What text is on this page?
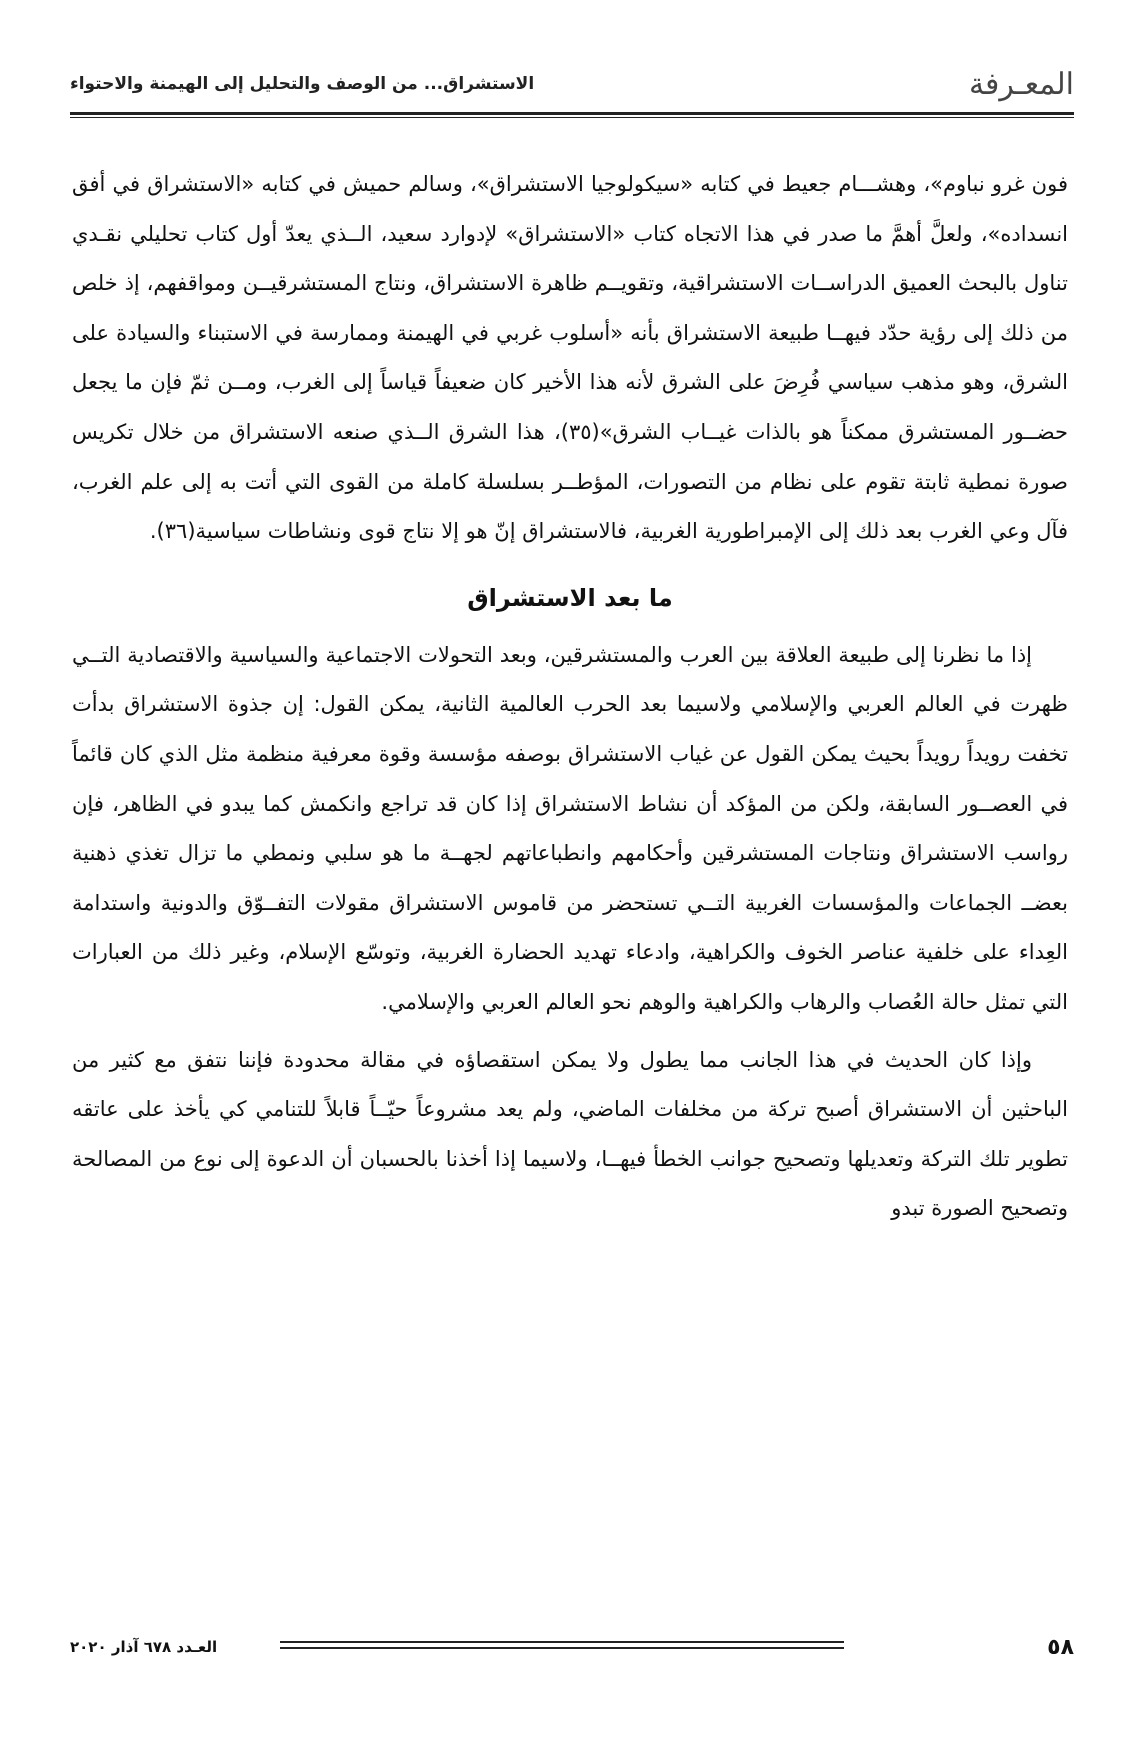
المعـرفة
الاستشراق... من الوصف والتحليل إلى الهيمنة والاحتواء

فون غرو نباوم»، وهشـــام جعيط في كتابه «سيكولوجيا الاستشراق»، وسالم حميش في كتابه «الاستشراق في أفق انسداده»، ولعلَّ أهمَّ ما صدر في هذا الاتجاه كتاب «الاستشراق» لإدوارد سعيد، الــذي يعدّ أول كتاب تحليلي نقـدي تناول بالبحث العميق الدراســات الاستشراقية، وتقويــم ظاهرة الاستشراق، ونتاج المستشرقيــن ومواقفهم، إذ خلص من ذلك إلى رؤية حدّد فيهــا طبيعة الاستشراق بأنه «أسلوب غربي في الهيمنة وممارسة في الاستبناء والسيادة على الشرق، وهو مذهب سياسي فُرِضَ على الشرق لأنه هذا الأخير كان ضعيفاً قياساً إلى الغرب، ومــن ثمّ فإن ما يجعل حضــور المستشرق ممكناً هو بالذات غيــاب الشرق»(٣٥)، هذا الشرق الــذي صنعه الاستشراق من خلال تكريس صورة نمطية ثابتة تقوم على نظام من التصورات، المؤطــر بسلسلة كاملة من القوى التي أتت به إلى علم الغرب، فآل وعي الغرب بعد ذلك إلى الإمبراطورية الغربية، فالاستشراق إنّ هو إلا نتاج قوى ونشاطات سياسية(٣٦).

ما بعد الاستشراق

إذا ما نظرنا إلى طبيعة العلاقة بين العرب والمستشرقين، وبعد التحولات الاجتماعية والسياسية والاقتصادية التــي ظهرت في العالم العربي والإسلامي ولاسيما بعد الحرب العالمية الثانية، يمكن القول: إن جذوة الاستشراق بدأت تخفت رويداً رويداً بحيث يمكن القول عن غياب الاستشراق بوصفه مؤسسة وقوة معرفية منظمة مثل الذي كان قائماً في العصــور السابقة، ولكن من المؤكد أن نشاط الاستشراق إذا كان قد تراجع وانكمش كما يبدو في الظاهر، فإن رواسب الاستشراق ونتاجات المستشرقين وأحكامهم وانطباعاتهم لجهــة ما هو سلبي ونمطي ما تزال تغذي ذهنية بعضــ الجماعات والمؤسسات الغربية التــي تستحضر من قاموس الاستشراق مقولات التفــوّق والدونية واستدامة العِداء على خلفية عناصر الخوف والكراهية، وادعاء تهديد الحضارة الغربية، وتوسّع الإسلام، وغير ذلك من العبارات التي تمثل حالة العُصاب والرهاب والكراهية والوهم نحو العالم العربي والإسلامي.

وإذا كان الحديث في هذا الجانب مما يطول ولا يمكن استقصاؤه في مقالة محدودة فإننا نتفق مع كثير من الباحثين أن الاستشراق أصبح تركة من مخلفات الماضي، ولم يعد مشروعاً حيّــاً قابلاً للتنامي كي يأخذ على عاتقه تطوير تلك التركة وتعديلها وتصحيح جوانب الخطأ فيهــا، ولاسيما إذا أخذنا بالحسبان أن الدعوة إلى نوع من المصالحة وتصحيح الصورة تبدو

٥٨
العـدد ٦٧٨ آذار ٢٠٢٠
